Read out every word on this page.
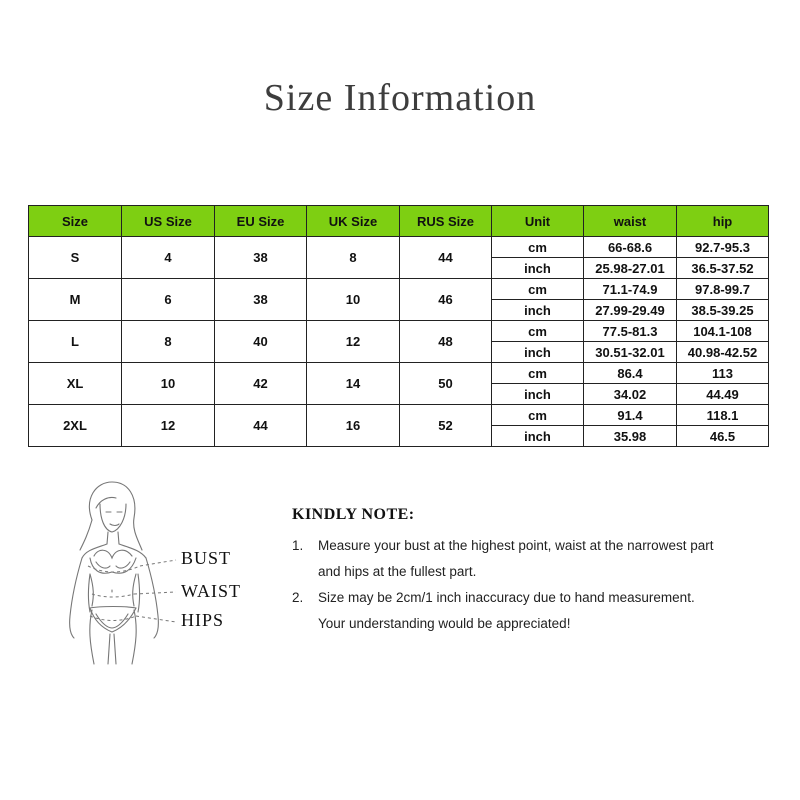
Size Information
Size	US Size	EU Size	UK Size	RUS Size	Unit	waist	hip
S	4	38	8	44	cm	66-68.6	92.7-95.3
					inch	25.98-27.01	36.5-37.52
M	6	38	10	46	cm	71.1-74.9	97.8-99.7
					inch	27.99-29.49	38.5-39.25
L	8	40	12	48	cm	77.5-81.3	104.1-108
					inch	30.51-32.01	40.98-42.52
XL	10	42	14	50	cm	86.4	113
					inch	34.02	44.49
2XL	12	44	16	52	cm	91.4	118.1
					inch	35.98	46.5
BUST
WAIST
HIPS
KINDLY NOTE:
1. Measure your bust at the highest point, waist at the narrowest part
and hips at the fullest part.
2. Size may be 2cm/1 inch inaccuracy due to hand measurement.
Your understanding would be appreciated!
